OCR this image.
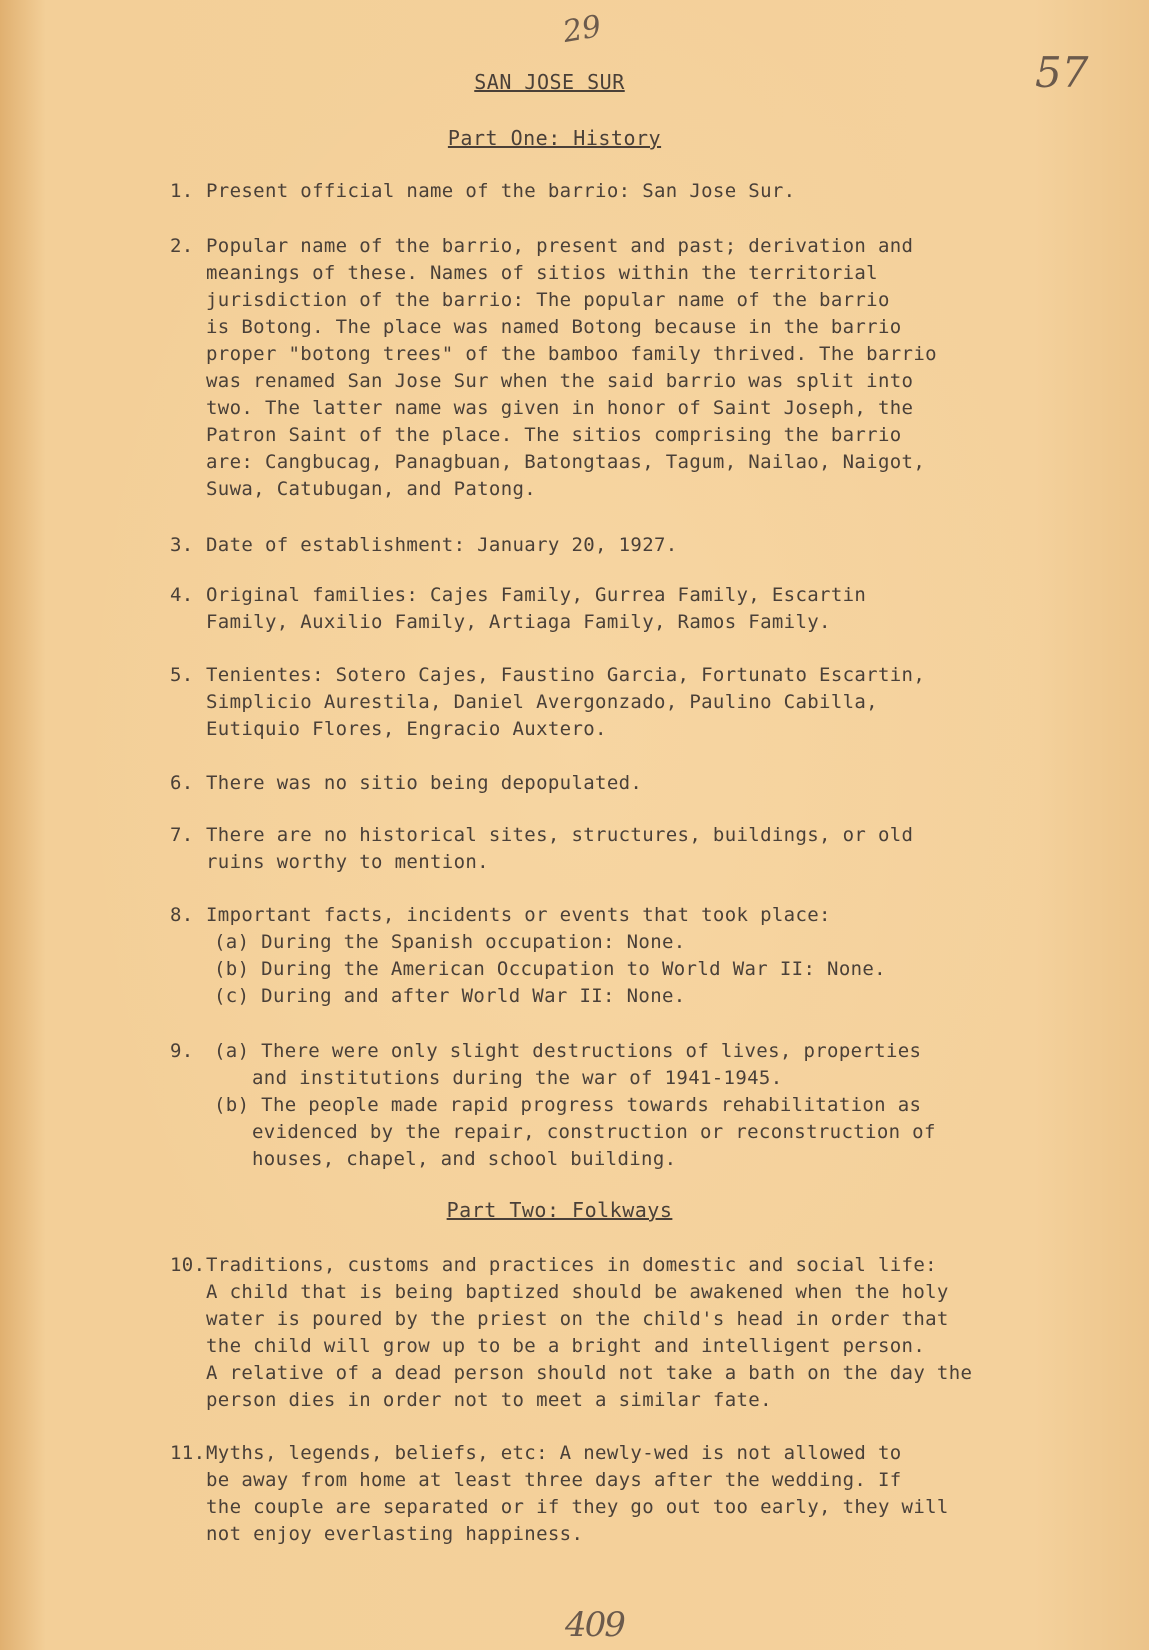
29
57
SAN JOSE SUR
Part One: History
1. Present official name of the barrio: San Jose Sur.
2. Popular name of the barrio, present and past; derivation and
meanings of these. Names of sitios within the territorial
jurisdiction of the barrio: The popular name of the barrio
is Botong. The place was named Botong because in the barrio
proper "botong trees" of the bamboo family thrived. The barrio
was renamed San Jose Sur when the said barrio was split into
two. The latter name was given in honor of Saint Joseph, the
Patron Saint of the place. The sitios comprising the barrio
are: Cangbucag, Panagbuan, Batongtaas, Tagum, Nailao, Naigot,
Suwa, Catubugan, and Patong.
3. Date of establishment: January 20, 1927.
4. Original families: Cajes Family, Gurrea Family, Escartin
Family, Auxilio Family, Artiaga Family, Ramos Family.
5. Tenientes: Sotero Cajes, Faustino Garcia, Fortunato Escartin,
Simplicio Aurestila, Daniel Avergonzado, Paulino Cabilla,
Eutiquio Flores, Engracio Auxtero.
6. There was no sitio being depopulated.
7. There are no historical sites, structures, buildings, or old
ruins worthy to mention.
8. Important facts, incidents or events that took place:
(a) During the Spanish occupation: None.
(b) During the American Occupation to World War II: None.
(c) During and after World War II: None.
9. (a) There were only slight destructions of lives, properties
and institutions during the war of 1941-1945.
(b) The people made rapid progress towards rehabilitation as
evidenced by the repair, construction or reconstruction of
houses, chapel, and school building.
Part Two: Folkways
10. Traditions, customs and practices in domestic and social life:
A child that is being baptized should be awakened when the holy
water is poured by the priest on the child's head in order that
the child will grow up to be a bright and intelligent person.
A relative of a dead person should not take a bath on the day the
person dies in order not to meet a similar fate.
11. Myths, legends, beliefs, etc: A newly-wed is not allowed to
be away from home at least three days after the wedding. If
the couple are separated or if they go out too early, they will
not enjoy everlasting happiness.
409
